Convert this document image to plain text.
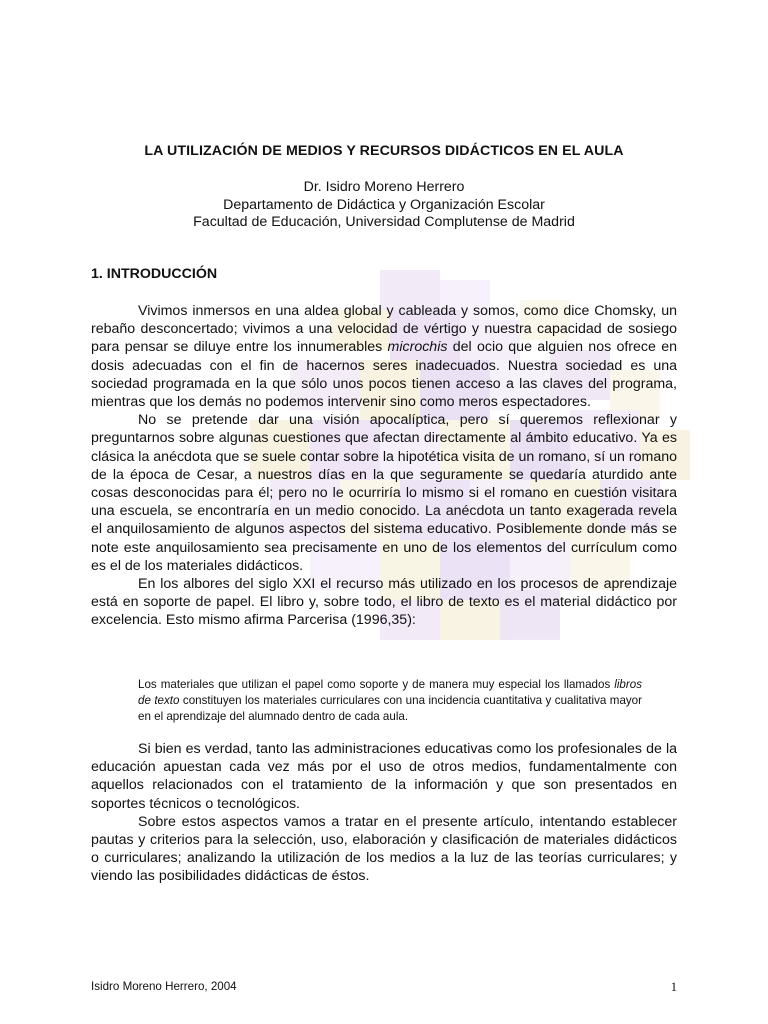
LA UTILIZACIÓN DE MEDIOS Y RECURSOS DIDÁCTICOS EN EL AULA
Dr. Isidro Moreno Herrero
Departamento de Didáctica y Organización Escolar
Facultad de Educación, Universidad Complutense de Madrid
1. INTRODUCCIÓN

Vivimos inmersos en una aldea global y cableada y somos, como dice Chomsky, un rebaño desconcertado; vivimos a una velocidad de vértigo y nuestra capacidad de sosiego para pensar se diluye entre los innumerables microchis del ocio que alguien nos ofrece en dosis adecuadas con el fin de hacernos seres inadecuados. Nuestra sociedad es una sociedad programada en la que sólo unos pocos tienen acceso a las claves del programa, mientras que los demás no podemos intervenir sino como meros espectadores.

No se pretende dar una visión apocalíptica, pero sí queremos reflexionar y preguntarnos sobre algunas cuestiones que afectan directamente al ámbito educativo. Ya es clásica la anécdota que se suele contar sobre la hipotética visita de un romano, sí un romano de la época de Cesar, a nuestros días en la que seguramente se quedaría aturdido ante cosas desconocidas para él; pero no le ocurriría lo mismo si el romano en cuestión visitara una escuela, se encontraría en un medio conocido. La anécdota un tanto exagerada revela el anquilosamiento de algunos aspectos del sistema educativo. Posiblemente donde más se note este anquilosamiento sea precisamente en uno de los elementos del currículum como es el de los materiales didácticos.

En los albores del siglo XXI el recurso más utilizado en los procesos de aprendizaje está en soporte de papel. El libro y, sobre todo, el libro de texto es el material didáctico por excelencia. Esto mismo afirma Parcerisa (1996,35):

Los materiales que utilizan el papel como soporte y de manera muy especial los llamados libros de texto constituyen los materiales curriculares con una incidencia cuantitativa y cualitativa mayor en el aprendizaje del alumnado dentro de cada aula.

Si bien es verdad, tanto las administraciones educativas como los profesionales de la educación apuestan cada vez más por el uso de otros medios, fundamentalmente con aquellos relacionados con el tratamiento de la información y que son presentados en soportes técnicos o tecnológicos.

Sobre estos aspectos vamos a tratar en el presente artículo, intentando establecer pautas y criterios para la selección, uso, elaboración y clasificación de materiales didácticos o curriculares; analizando la utilización de los medios a la luz de las teorías curriculares; y viendo las posibilidades didácticas de éstos.

Isidro Moreno Herrero, 2004	1
